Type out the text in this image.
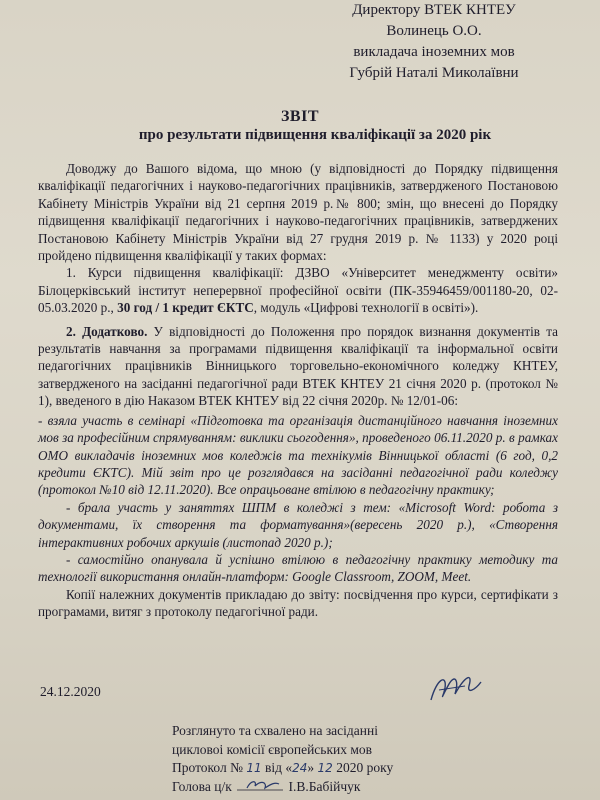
Директору ВТЕК КНТЕУ
Волинець О.О.
викладача іноземних мов
Губрій Наталі Миколаївни
ЗВІТ
про результати підвищення кваліфікації за 2020 рік

Доводжу до Вашого відома, що мною (у відповідності до Порядку підвищення кваліфікації педагогічних і науково-педагогічних працівників, затвердженого Постановою Кабінету Міністрів України від 21 серпня 2019 р.№ 800; змін, що внесені до Порядку підвищення кваліфікації педагогічних і науково-педагогічних працівників, затверджених Постановою Кабінету Міністрів України від 27 грудня 2019 р. № 1133) у 2020 році пройдено підвищення кваліфікації у таких формах:

1. Курси підвищення кваліфікації: ДЗВО «Університет менеджменту освіти» Білоцерківський інститут неперервної професійної освіти (ПК-35946459/001180-20, 02-05.03.2020 р., 30 год / 1 кредит ЄКТС, модуль «Цифрові технології в освіті»).

2. Додатково. У відповідності до Положення про порядок визнання документів та результатів навчання за програмами підвищення кваліфікації та інформальної освіти педагогічних працівників Вінницького торговельно-економічного коледжу КНТЕУ, затвердженого на засіданні педагогічної ради ВТЕК КНТЕУ 21 січня 2020 р. (протокол № 1), введеного в дію Наказом ВТЕК КНТЕУ від 22 січня 2020р. № 12/01-06:

- взяла участь в семінарі «Підготовка та організація дистанційного навчання іноземних мов за професійним спрямуванням: виклики сьогодення», проведеного 06.11.2020 р. в рамках ОМО викладачів іноземних мов коледжів та технікумів Вінницької області (6 год, 0,2 кредити ЄКТС). Мій звіт про це розглядався на засіданні педагогічної ради коледжу (протокол №10 від 12.11.2020). Все опрацьоване втілюю в педагогічну практику;

- брала участь у заняттях ШПМ в коледжі з тем: «Microsoft Word: робота з документами, їх створення та форматування»(вересень 2020 р.), «Створення інтерактивних робочих аркушів (листопад 2020 р.);

- самостійно опанувала й успішно втілюю в педагогічну практику методику та технології використання онлайн-платформ: Google Classroom, ZOOM, Meet.

Копії належних документів прикладаю до звіту: посвідчення про курси, сертифікати з програмами, витяг з протоколу педагогічної ради.

24.12.2020
Розглянуто та схвалено на засіданні
цикловоі комісії європейських мов
Протокол № 11 від «24» 12 2020 року
Голова ц/к	І.В.Бабійчук
